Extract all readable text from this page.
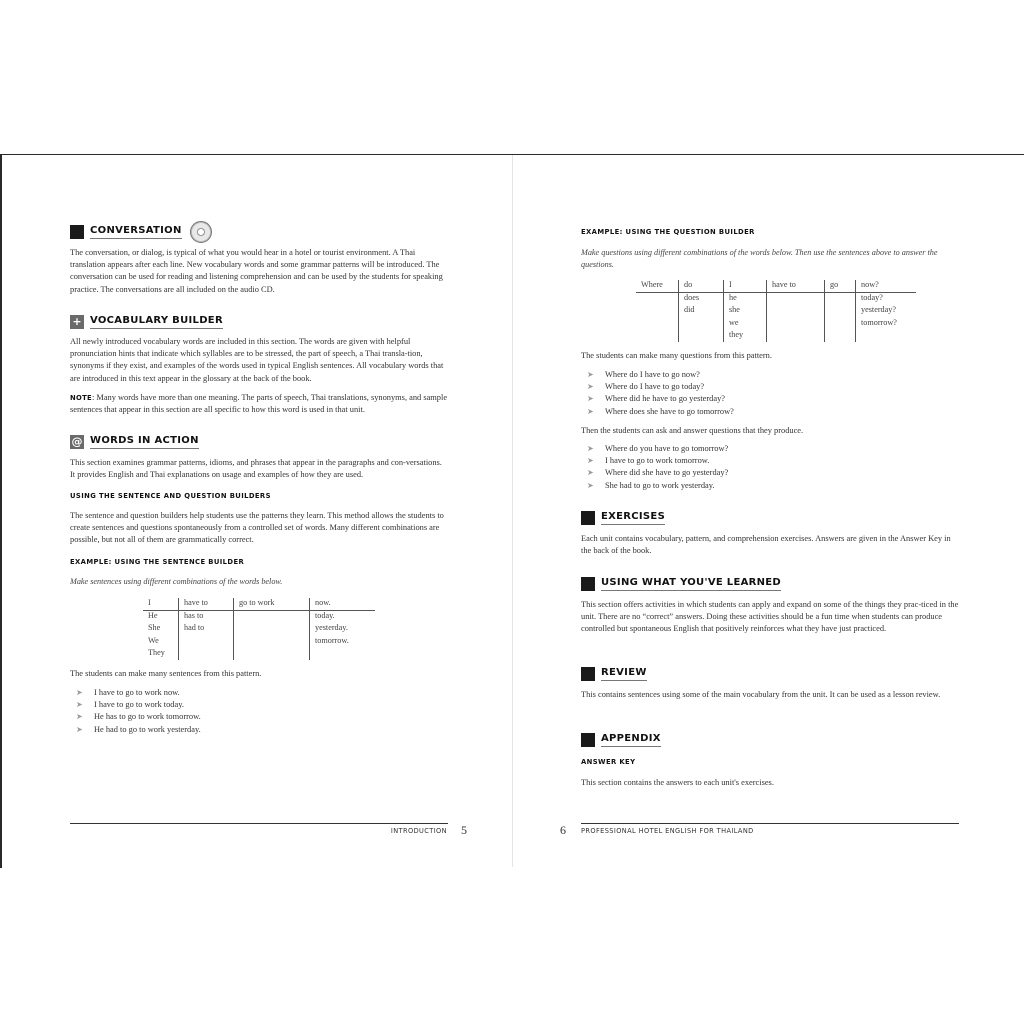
CONVERSATION

The conversation, or dialog, is typical of what you would hear in a hotel or tourist environment. A Thai translation appears after each line. New vocabulary words and some grammar patterns will be introduced. The conversation can be used for reading and listening comprehension and can be used by the students for speaking practice. The conversations are all included on the audio CD.

+ VOCABULARY BUILDER

All newly introduced vocabulary words are included in this section. The words are given with helpful pronunciation hints that indicate which syllables are to be stressed, the part of speech, a Thai transla-tion, synonyms if they exist, and examples of the words used in typical English sentences. All vocabulary words that are introduced in this text appear in the glossary at the back of the book.

NOTE: Many words have more than one meaning. The parts of speech, Thai translations, synonyms, and sample sentences that appear in this section are all specific to how this word is used in that unit.

@ WORDS IN ACTION

This section examines grammar patterns, idioms, and phrases that appear in the paragraphs and con-versations. It provides English and Thai explanations on usage and examples of how they are used.

USING THE SENTENCE AND QUESTION BUILDERS

The sentence and question builders help students use the patterns they learn. This method allows the students to create sentences and questions spontaneously from a controlled set of words. Many different combinations are possible, but not all of them are grammatically correct.

EXAMPLE: USING THE SENTENCE BUILDER
Make sentences using different combinations of the words below.
I	have to	go to work	now.
He	has to		today.
She	had to		yesterday.
We			tomorrow.
They			

The students can make many sentences from this pattern.

➤ I have to go to work now.
➤ I have to go to work today.
➤ He has to go to work tomorrow.
➤ He had to go to work yesterday.
INTRODUCTION 5
EXAMPLE: USING THE QUESTION BUILDER
Make questions using different combinations of the words below. Then use the sentences above to answer the questions.
Where	do	I	have to	go	now?
	does	he			today?
	did	she			yesterday?
		we			tomorrow?
		they			

The students can make many questions from this pattern.

➤ Where do I have to go now?
➤ Where do I have to go today?
➤ Where did he have to go yesterday?
➤ Where does she have to go tomorrow?

Then the students can ask and answer questions that they produce.

➤ Where do you have to go tomorrow?
➤ I have to go to work tomorrow.
➤ Where did she have to go yesterday?
➤ She had to go to work yesterday.
EXERCISES

Each unit contains vocabulary, pattern, and comprehension exercises. Answers are given in the Answer Key in the back of the book.

USING WHAT YOU'VE LEARNED

This section offers activities in which students can apply and expand on some of the things they prac-ticed in the unit. There are no “correct” answers. Doing these activities should be a fun time when students can produce controlled but spontaneous English that positively reinforces what they have just practiced.

REVIEW

This contains sentences using some of the main vocabulary from the unit. It can be used as a lesson review.

APPENDIX
ANSWER KEY

This section contains the answers to each unit's exercises.

6 PROFESSIONAL HOTEL ENGLISH FOR THAILAND
